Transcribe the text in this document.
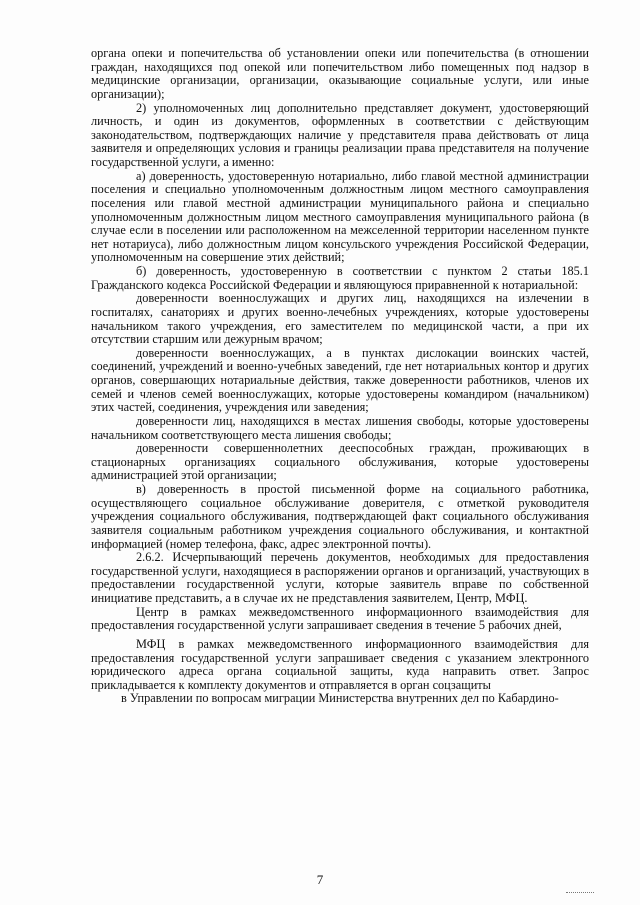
органа опеки и попечительства об установлении опеки или попечительства (в отношении граждан, находящихся под опекой или попечительством либо помещенных под надзор в медицинские организации, организации, оказывающие социальные услуги, или иные организации);

2) уполномоченных лиц дополнительно представляет документ, удостоверяющий личность, и один из документов, оформленных в соответствии с действующим законодательством, подтверждающих наличие у представителя права действовать от лица заявителя и определяющих условия и границы реализации права представителя на получение государственной услуги, а именно:

а) доверенность, удостоверенную нотариально, либо главой местной администрации поселения и специально уполномоченным должностным лицом местного самоуправления поселения или главой местной администрации муниципального района и специально уполномоченным должностным лицом местного самоуправления муниципального района (в случае если в поселении или расположенном на межселенной территории населенном пункте нет нотариуса), либо должностным лицом консульского учреждения Российской Федерации, уполномоченным на совершение этих действий;

б) доверенность, удостоверенную в соответствии с пунктом 2 статьи 185.1 Гражданского кодекса Российской Федерации и являющуюся приравненной к нотариальной:

доверенности военнослужащих и других лиц, находящихся на излечении в госпиталях, санаториях и других военно-лечебных учреждениях, которые удостоверены начальником такого учреждения, его заместителем по медицинской части, а при их отсутствии старшим или дежурным врачом;

доверенности военнослужащих, а в пунктах дислокации воинских частей, соединений, учреждений и военно-учебных заведений, где нет нотариальных контор и других органов, совершающих нотариальные действия, также доверенности работников, членов их семей и членов семей военнослужащих, которые удостоверены командиром (начальником) этих частей, соединения, учреждения или заведения;

доверенности лиц, находящихся в местах лишения свободы, которые удостоверены начальником соответствующего места лишения свободы;

доверенности совершеннолетних дееспособных граждан, проживающих в стационарных организациях социального обслуживания, которые удостоверены администрацией этой организации;

в) доверенность в простой письменной форме на социального работника, осуществляющего социальное обслуживание доверителя, с отметкой руководителя учреждения социального обслуживания, подтверждающей факт социального обслуживания заявителя социальным работником учреждения социального обслуживания, и контактной информацией (номер телефона, факс, адрес электронной почты).

2.6.2. Исчерпывающий перечень документов, необходимых для предоставления государственной услуги, находящиеся в распоряжении органов и организаций, участвующих в предоставлении государственной услуги, которые заявитель вправе по собственной инициативе представить, а в случае их не представления заявителем, Центр, МФЦ.

Центр в рамках межведомственного информационного взаимодействия для предоставления государственной услуги запрашивает сведения в течение 5 рабочих дней,

МФЦ в рамках межведомственного информационного взаимодействия для предоставления государственной услуги запрашивает сведения с указанием электронного юридического адреса органа социальной защиты, куда направить ответ. Запрос прикладывается к комплекту документов и отправляется в орган соцзащиты

в Управлении по вопросам миграции Министерства внутренних дел по Кабардино-

7
